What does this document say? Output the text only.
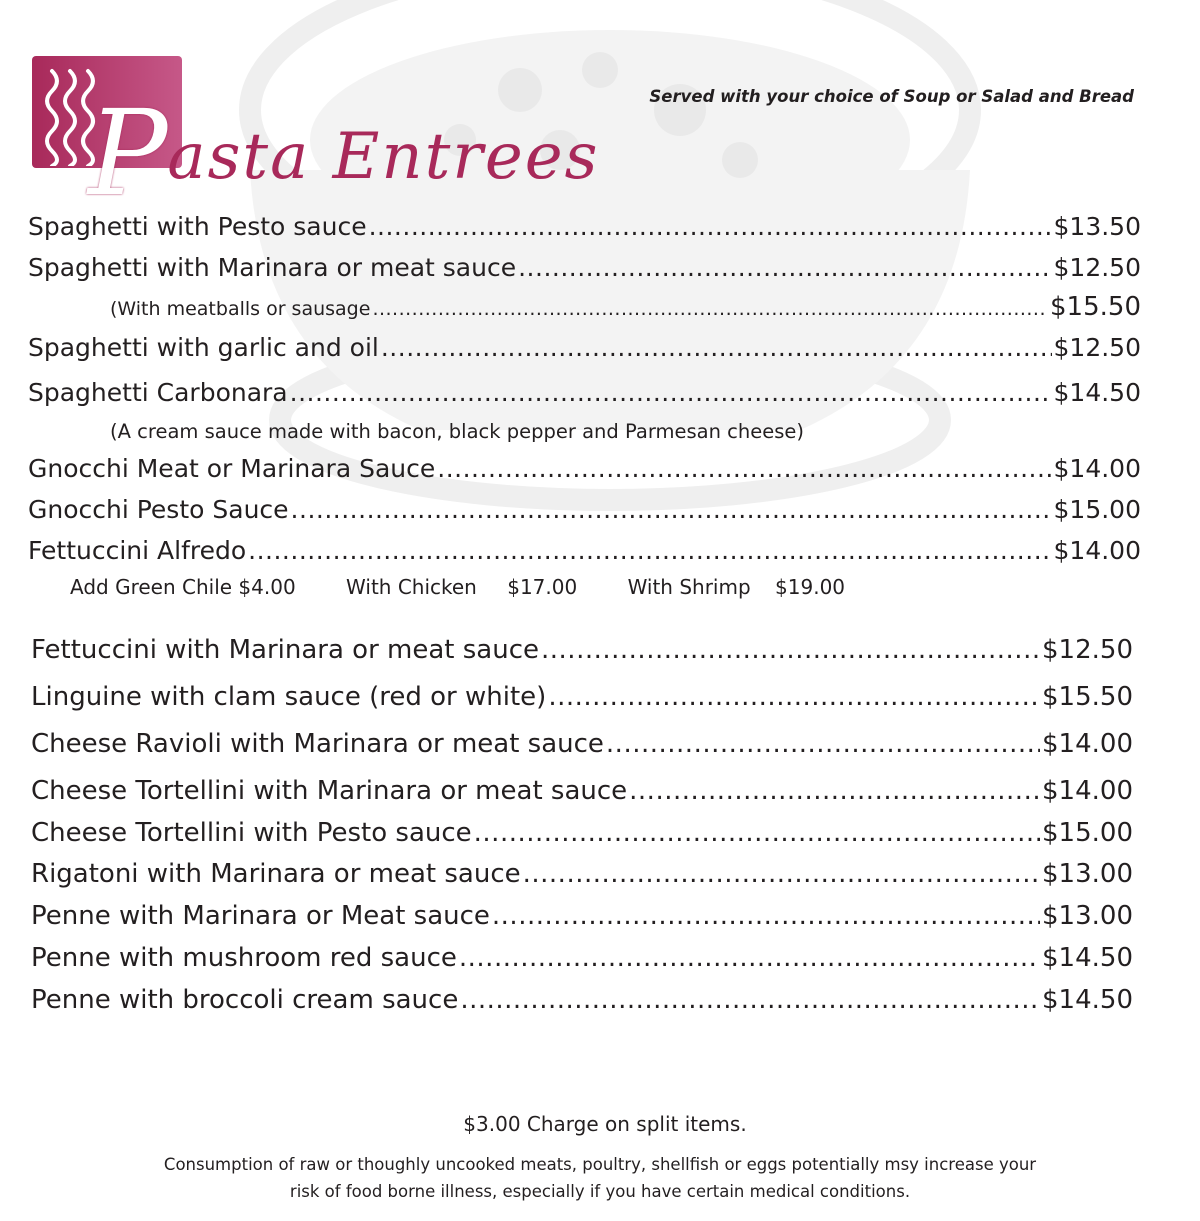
Pasta Entrees
Served with your choice of Soup or Salad and Bread
Spaghetti with Pesto sauce .....	$13.50
Spaghetti with Marinara or meat sauce .....	$12.50
(With meatballs or sausage .....	$15.50
Spaghetti with garlic and oil .....	$12.50
Spaghetti Carbonara .....	$14.50
(A cream sauce made with bacon, black pepper and Parmesan cheese)
Gnocchi Meat or Marinara Sauce .....	$14.00
Gnocchi Pesto Sauce .....	$15.00
Fettuccini Alfredo .....	$14.00
Add Green Chile $4.00	With Chicken $17.00	With Shrimp $19.00
Fettuccini with Marinara or meat sauce .....	$12.50
Linguine with clam sauce (red or white) .....	$15.50
Cheese Ravioli with Marinara or meat sauce .....	$14.00
Cheese Tortellini with Marinara or meat sauce .....	$14.00
Cheese Tortellini with Pesto sauce .....	$15.00
Rigatoni with Marinara or meat sauce .....	$13.00
Penne with Marinara or Meat sauce .....	$13.00
Penne with mushroom red sauce .....	$14.50
Penne with broccoli cream sauce .....	$14.50
$3.00 Charge on split items.
Consumption of raw or thoughly uncooked meats, poultry, shellfish or eggs potentially msy increase your
risk of food borne illness, especially if you have certain medical conditions.
